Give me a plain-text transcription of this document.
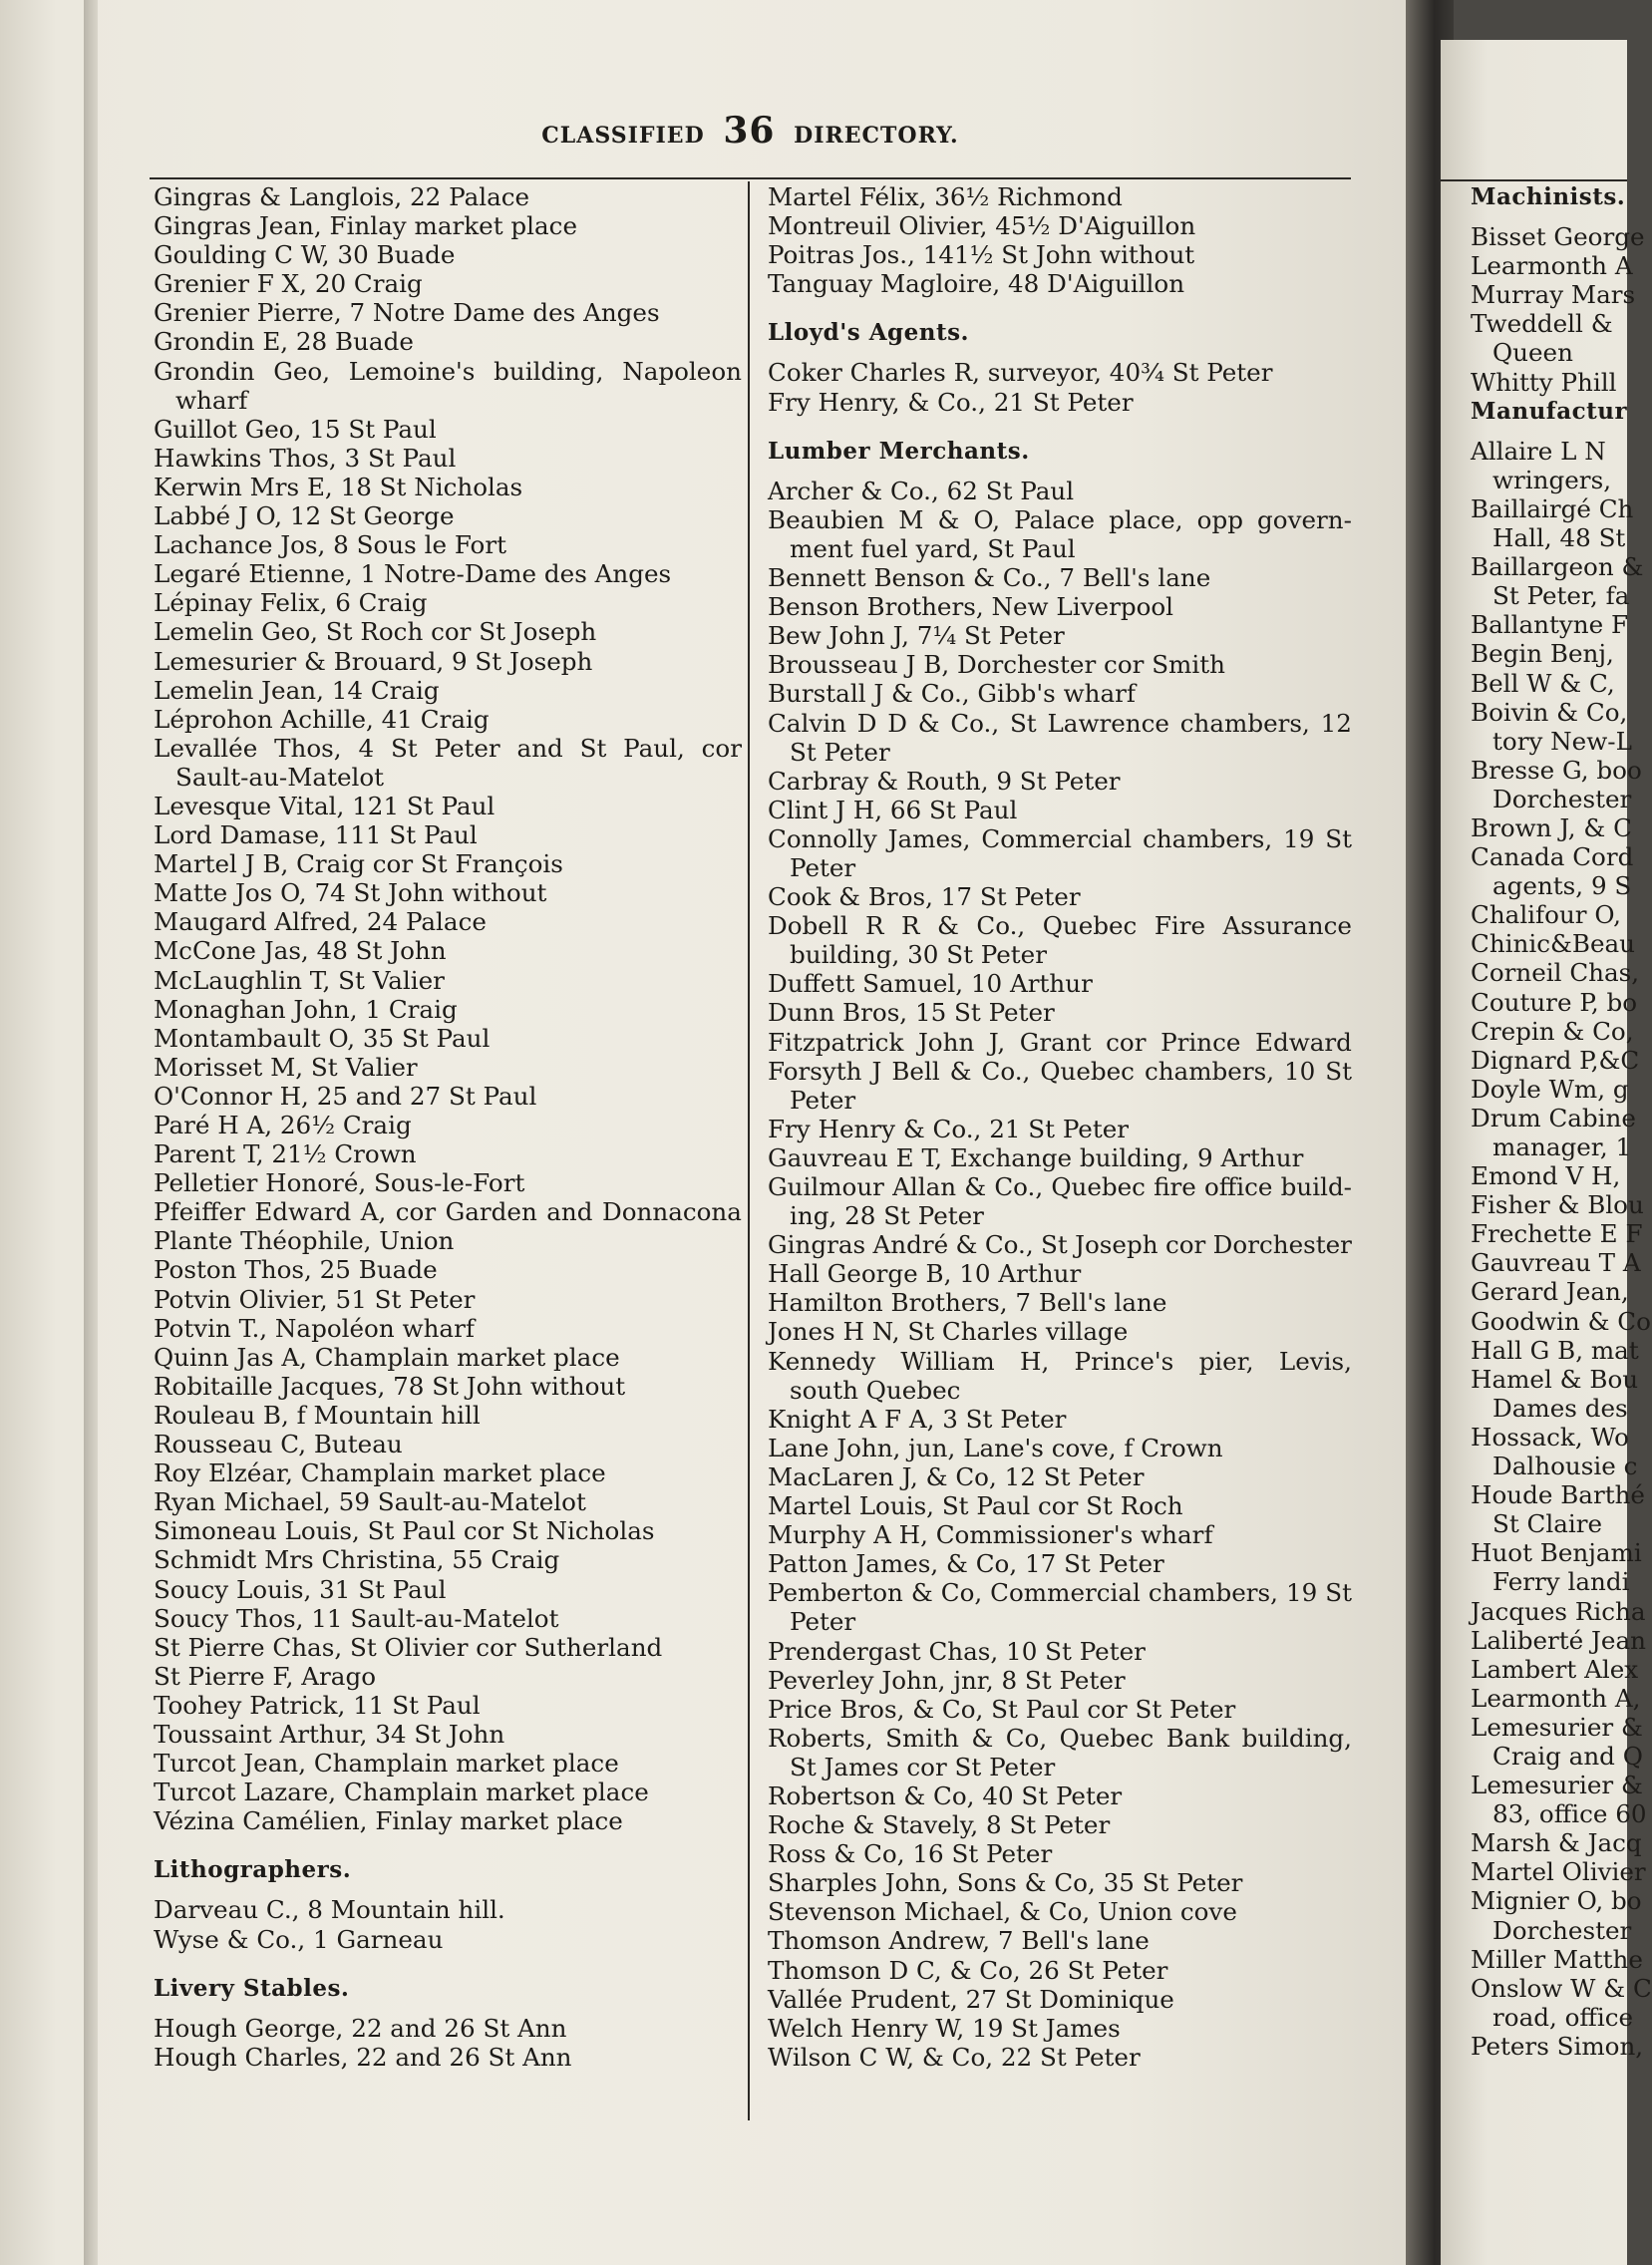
CLASSIFIED 36 DIRECTORY.
Gingras & Langlois, 22 Palace
Gingras Jean, Finlay market place
Goulding C W, 30 Buade
Grenier F X, 20 Craig
Grenier Pierre, 7 Notre Dame des Anges
Grondin E, 28 Buade
Grondin Geo, Lemoine's building, Napoleon
wharf
Guillot Geo, 15 St Paul
Hawkins Thos, 3 St Paul
Kerwin Mrs E, 18 St Nicholas
Labbé J O, 12 St George
Lachance Jos, 8 Sous le Fort
Legaré Etienne, 1 Notre-Dame des Anges
Lépinay Felix, 6 Craig
Lemelin Geo, St Roch cor St Joseph
Lemesurier & Brouard, 9 St Joseph
Lemelin Jean, 14 Craig
Léprohon Achille, 41 Craig
Levallée Thos, 4 St Peter and St Paul, cor
Sault-au-Matelot
Levesque Vital, 121 St Paul
Lord Damase, 111 St Paul
Martel J B, Craig cor St François
Matte Jos O, 74 St John without
Maugard Alfred, 24 Palace
McCone Jas, 48 St John
McLaughlin T, St Valier
Monaghan John, 1 Craig
Montambault O, 35 St Paul
Morisset M, St Valier
O'Connor H, 25 and 27 St Paul
Paré H A, 26½ Craig
Parent T, 21½ Crown
Pelletier Honoré, Sous-le-Fort
Pfeiffer Edward A, cor Garden and Donnacona
Plante Théophile, Union
Poston Thos, 25 Buade
Potvin Olivier, 51 St Peter
Potvin T., Napoléon wharf
Quinn Jas A, Champlain market place
Robitaille Jacques, 78 St John without
Rouleau B, f Mountain hill
Rousseau C, Buteau
Roy Elzéar, Champlain market place
Ryan Michael, 59 Sault-au-Matelot
Simoneau Louis, St Paul cor St Nicholas
Schmidt Mrs Christina, 55 Craig
Soucy Louis, 31 St Paul
Soucy Thos, 11 Sault-au-Matelot
St Pierre Chas, St Olivier cor Sutherland
St Pierre F, Arago
Toohey Patrick, 11 St Paul
Toussaint Arthur, 34 St John
Turcot Jean, Champlain market place
Turcot Lazare, Champlain market place
Vézina Camélien, Finlay market place
Lithographers.
Darveau C., 8 Mountain hill.
Wyse & Co., 1 Garneau
Livery Stables.
Hough George, 22 and 26 St Ann
Hough Charles, 22 and 26 St Ann
Martel Félix, 36½ Richmond
Montreuil Olivier, 45½ D'Aiguillon
Poitras Jos., 141½ St John without
Tanguay Magloire, 48 D'Aiguillon
Lloyd's Agents.
Coker Charles R, surveyor, 40¾ St Peter
Fry Henry, & Co., 21 St Peter
Lumber Merchants.
Archer & Co., 62 St Paul
Beaubien M & O, Palace place, opp govern-
ment fuel yard, St Paul
Bennett Benson & Co., 7 Bell's lane
Benson Brothers, New Liverpool
Bew John J, 7¼ St Peter
Brousseau J B, Dorchester cor Smith
Burstall J & Co., Gibb's wharf
Calvin D D & Co., St Lawrence chambers, 12
St Peter
Carbray & Routh, 9 St Peter
Clint J H, 66 St Paul
Connolly James, Commercial chambers, 19 St
Peter
Cook & Bros, 17 St Peter
Dobell R R & Co., Quebec Fire Assurance
building, 30 St Peter
Duffett Samuel, 10 Arthur
Dunn Bros, 15 St Peter
Fitzpatrick John J, Grant cor Prince Edward
Forsyth J Bell & Co., Quebec chambers, 10 St
Peter
Fry Henry & Co., 21 St Peter
Gauvreau E T, Exchange building, 9 Arthur
Guilmour Allan & Co., Quebec fire office build-
ing, 28 St Peter
Gingras André & Co., St Joseph cor Dorchester
Hall George B, 10 Arthur
Hamilton Brothers, 7 Bell's lane
Jones H N, St Charles village
Kennedy William H, Prince's pier, Levis,
south Quebec
Knight A F A, 3 St Peter
Lane John, jun, Lane's cove, f Crown
MacLaren J, & Co, 12 St Peter
Martel Louis, St Paul cor St Roch
Murphy A H, Commissioner's wharf
Patton James, & Co, 17 St Peter
Pemberton & Co, Commercial chambers, 19 St
Peter
Prendergast Chas, 10 St Peter
Peverley John, jnr, 8 St Peter
Price Bros, & Co, St Paul cor St Peter
Roberts, Smith & Co, Quebec Bank building,
St James cor St Peter
Robertson & Co, 40 St Peter
Roche & Stavely, 8 St Peter
Ross & Co, 16 St Peter
Sharples John, Sons & Co, 35 St Peter
Stevenson Michael, & Co, Union cove
Thomson Andrew, 7 Bell's lane
Thomson D C, & Co, 26 St Peter
Vallée Prudent, 27 St Dominique
Welch Henry W, 19 St James
Wilson C W, & Co, 22 St Peter
Machinists.
Bisset George
Learmonth A
Murray Mars
Tweddell &
Queen
Whitty Phill
Manufactur
Allaire L N
wringers,
Baillairgé Ch
Hall, 48 St
Baillargeon &
St Peter, fa
Ballantyne F
Begin Benj,
Bell W & C,
Boivin & Co,
tory New-L
Bresse G, boo
Dorchester
Brown J, & C
Canada Cord
agents, 9 S
Chalifour O,
Chinic&Beau
Corneil Chas,
Couture P, bo
Crepin & Co,
Dignard P,&C
Doyle Wm, g
Drum Cabine
manager, 1
Emond V H,
Fisher & Blou
Frechette E F
Gauvreau T A
Gerard Jean,
Goodwin & Co
Hall G B, mat
Hamel & Bou
Dames des
Hossack, Wo
Dalhousie c
Houde Barthé
St Claire
Huot Benjami
Ferry landi
Jacques Richa
Laliberté Jean
Lambert Alex
Learmonth A,
Lemesurier &
Craig and Q
Lemesurier &
83, office 60
Marsh & Jacq
Martel Olivier
Mignier O, bo
Dorchester
Miller Matthe
Onslow W & C
road, office
Peters Simon,
